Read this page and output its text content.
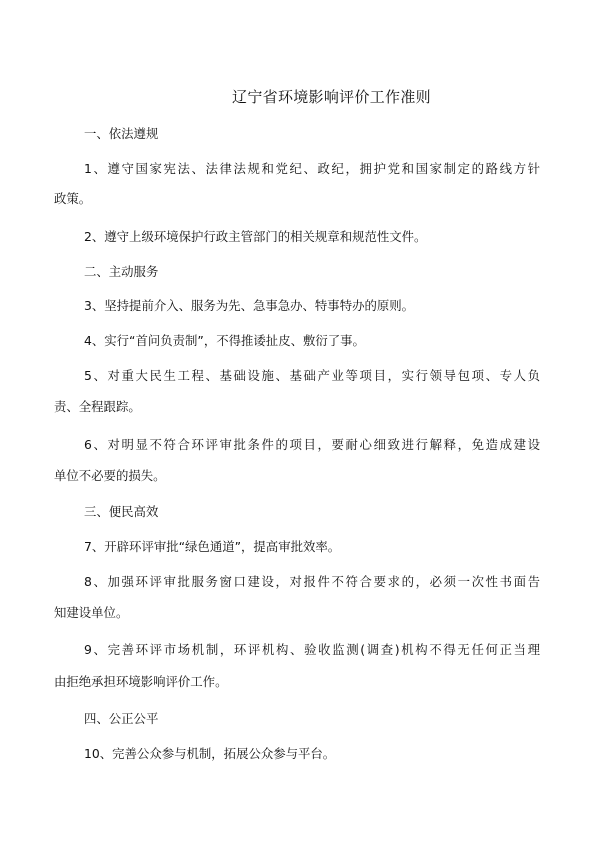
辽宁省环境影响评价工作准则
一、依法遵规
1、遵守国家宪法、法律法规和党纪、政纪，拥护党和国家制定的路线方针
政策。
2、遵守上级环境保护行政主管部门的相关规章和规范性文件。
二、主动服务
3、坚持提前介入、服务为先、急事急办、特事特办的原则。
4、实行“首问负责制”，不得推诿扯皮、敷衍了事。
5、对重大民生工程、基础设施、基础产业等项目，实行领导包项、专人负
责、全程跟踪。
6、对明显不符合环评审批条件的项目，要耐心细致进行解释，免造成建设
单位不必要的损失。
三、便民高效
7、开辟环评审批“绿色通道”，提高审批效率。
8、加强环评审批服务窗口建设，对报件不符合要求的，必须一次性书面告
知建设单位。
9、完善环评市场机制，环评机构、验收监测(调查)机构不得无任何正当理
由拒绝承担环境影响评价工作。
四、公正公平
10、完善公众参与机制，拓展公众参与平台。
